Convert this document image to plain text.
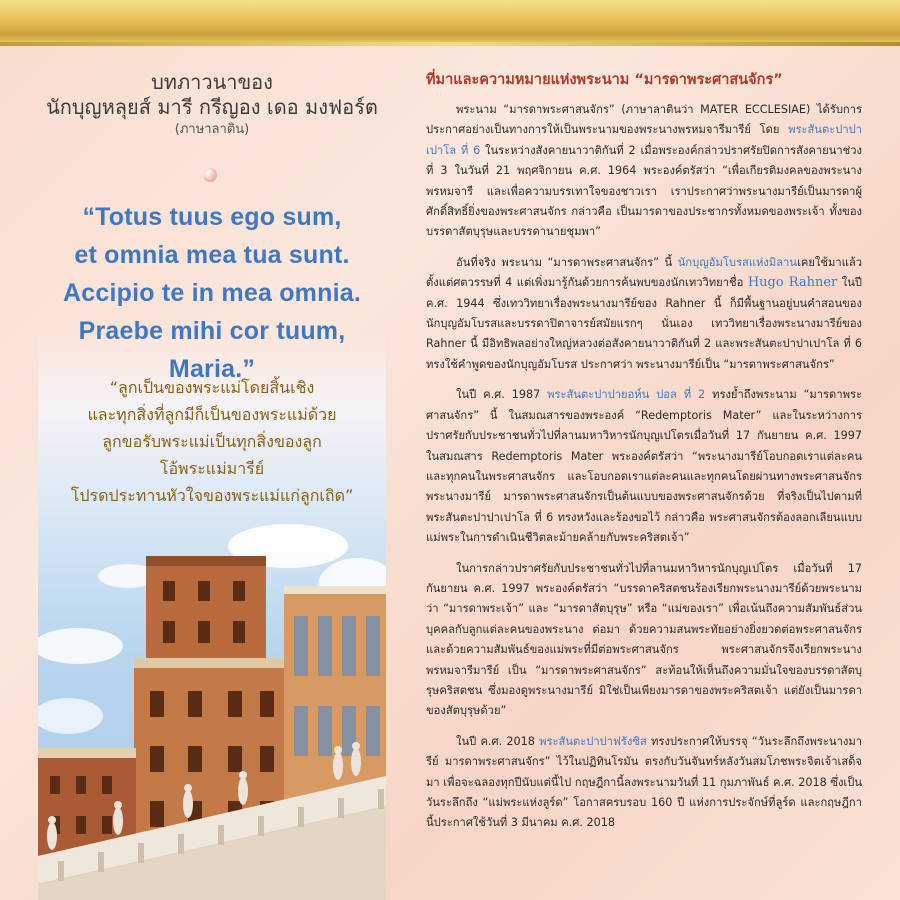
บทภาวนาของ
นักบุญหลุยส์ มารี กรีญอง เดอ มงฟอร์ต
(ภาษาลาติน)
“Totus tuus ego sum,
et omnia mea tua sunt.
Accipio te in mea omnia.
Praebe mihi cor tuum, Maria.”
“ลูกเป็นของพระแม่โดยสิ้นเชิง
และทุกสิ่งที่ลูกมีก็เป็นของพระแม่ด้วย
ลูกขอรับพระแม่เป็นทุกสิ่งของลูก
โอ้พระแม่มารีย์
โปรดประทานหัวใจของพระแม่แก่ลูกเถิด”
ที่มาและความหมายแห่งพระนาม “มารดาพระศาสนจักร”

พระนาม “มารดาพระศาสนจักร” (ภาษาลาตินว่า MATER ECCLESIAE) ได้รับการประกาศอย่างเป็นทางการให้เป็นพระนามของพระนางพรหมจารีมารีย์ โดย พระสันตะปาปาเปาโล ที่ 6 ในระหว่างสังคายนาวาติกันที่ 2 เมื่อพระองค์กล่าวปราศรัยปิดการสังคายนาช่วงที่ 3 ในวันที่ 21 พฤศจิกายน ค.ศ. 1964 พระองค์ตรัสว่า “เพื่อเกียรติมงคลของพระนางพรหมจารี และเพื่อความบรรเทาใจของชาวเรา เราประกาศว่าพระนางมารีย์เป็นมารดาผู้ศักดิ์สิทธิ์ยิ่งของพระศาสนจักร กล่าวคือ เป็นมารดาของประชากรทั้งหมดของพระเจ้า ทั้งของบรรดาสัตบุรุษและบรรดานายชุมพา”

อันที่จริง พระนาม “มารดาพระศาสนจักร” นี้ นักบุญอัมโบรสแห่งมิลานเคยใช้มาแล้วตั้งแต่ศตวรรษที่ 4 แต่เพิ่งมารู้กันด้วยการค้นพบของนักเทววิทยาชื่อ Hugo Rahner ในปี ค.ศ. 1944 ซึ่งเทววิทยาเรื่องพระนางมารีย์ของ Rahner นี้ ก็มีพื้นฐานอยู่บนคำสอนของนักบุญอัมโบรสและบรรดาปิตาจารย์สมัยแรกๆ นั่นเอง เทววิทยาเรื่องพระนางมารีย์ของ Rahner นี้ มีอิทธิพลอย่างใหญ่หลวงต่อสังคายนาวาติกันที่ 2 และพระสันตะปาปาเปาโล ที่ 6 ทรงใช้คำพูดของนักบุญอัมโบรส ประกาศว่า พระนางมารีย์เป็น “มารดาพระศาสนจักร”

ในปี ค.ศ. 1987 พระสันตะปาปายอห์น ปอล ที่ 2 ทรงย้ำถึงพระนาม “มารดาพระศาสนจักร” นี้ ในสมณสารของพระองค์ “Redemptoris Mater” และในระหว่างการปราศรัยกับประชาชนทั่วไปที่ลานมหาวิหารนักบุญเปโตรเมื่อวันที่ 17 กันยายน ค.ศ. 1997 ในสมณสาร Redemptoris Mater พระองค์ตรัสว่า “พระนางมารีย์โอบกอดเราแต่ละคนและทุกคนในพระศาสนจักร และโอบกอดเราแต่ละคนและทุกคนโดยผ่านทางพระศาสนจักร พระนางมารีย์ มารดาพระศาสนจักรเป็นต้นแบบของพระศาสนจักรด้วย ที่จริงเป็นไปตามที่พระสันตะปาปาเปาโล ที่ 6 ทรงหวังและร้องขอไว้ กล่าวคือ พระศาสนจักรต้องลอกเลียนแบบแม่พระในการดำเนินชีวิตละม้ายคล้ายกับพระคริสตเจ้า”

ในการกล่าวปราศรัยกับประชาชนทั่วไปที่ลานมหาวิหารนักบุญเปโตร เมื่อวันที่ 17 กันยายน ค.ศ. 1997 พระองค์ตรัสว่า “บรรดาคริสตชนร้องเรียกพระนางมารีย์ด้วยพระนามว่า “มารดาพระเจ้า” และ “มารดาสัตบุรุษ” หรือ “แม่ของเรา” เพื่อเน้นถึงความสัมพันธ์ส่วนบุคคลกับลูกแต่ละคนของพระนาง ต่อมา ด้วยความสนพระทัยอย่างยิ่งยวดต่อพระศาสนจักรและด้วยความสัมพันธ์ของแม่พระที่มีต่อพระศาสนจักร พระศาสนจักรจึงเรียกพระนางพรหมจารีมารีย์ เป็น “มารดาพระศาสนจักร” สะท้อนให้เห็นถึงความมั่นใจของบรรดาสัตบุรุษคริสตชน ซึ่งมองดูพระนางมารีย์ มิใช่เป็นเพียงมารดาของพระคริสตเจ้า แต่ยังเป็นมารดาของสัตบุรุษด้วย”

ในปี ค.ศ. 2018 พระสันตะปาปาฟรังซิส ทรงประกาศให้บรรจุ “วันระลึกถึงพระนางมารีย์ มารดาพระศาสนจักร” ไว้ในปฏิทินโรมัน ตรงกับวันจันทร์หลังวันสมโภชพระจิตเจ้าเสด็จมา เพื่อจะฉลองทุกปีนับแต่นี้ไป กฤษฎีกานี้ลงพระนามวันที่ 11 กุมภาพันธ์ ค.ศ. 2018 ซึ่งเป็นวันระลึกถึง “แม่พระแห่งลูร์ด” โอกาสครบรอบ 160 ปี แห่งการประจักษ์ที่ลูร์ด และกฤษฎีกานี้ประกาศใช้วันที่ 3 มีนาคม ค.ศ. 2018
